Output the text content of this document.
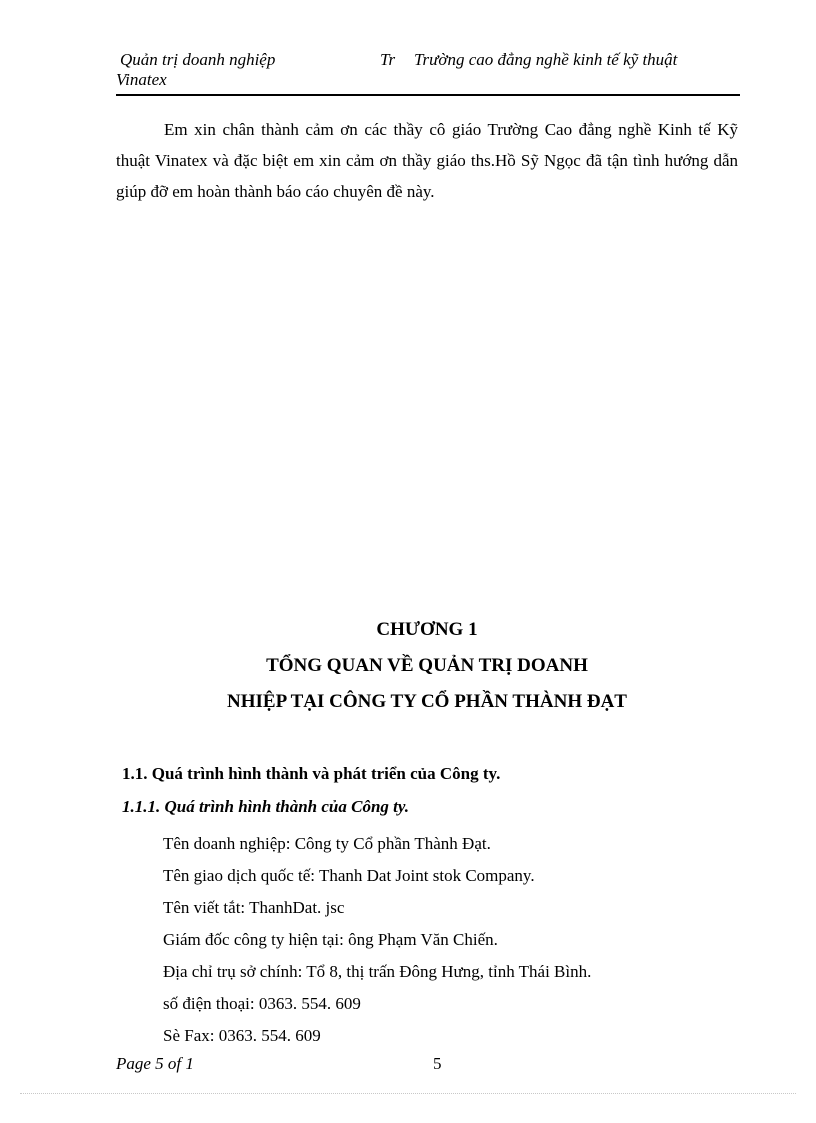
Quản trị doanh nghiệp	Tr Trường cao đẳng nghề kinh tế kỹ thuật
Vinatex
Em xin chân thành cảm ơn các thầy cô giáo Trường Cao đẳng nghề Kinh tế Kỹ thuật Vinatex và đặc biệt em xin cảm ơn thầy giáo ths.Hồ Sỹ Ngọc đã tận tình hướng dẫn giúp đỡ em hoàn thành báo cáo chuyên đề này.
CHƯƠNG 1
TỔNG QUAN VỀ QUẢN TRỊ DOANH
NHIỆP TẠI CÔNG TY CỔ PHẦN THÀNH ĐẠT
1.1. Quá trình hình thành và phát triển của Công ty.
1.1.1. Quá trình hình thành của Công ty.
Tên doanh nghiệp: Công ty Cổ phần Thành Đạt.
Tên giao dịch quốc tế: Thanh Dat Joint stok Company.
Tên viết tắt: ThanhDat. jsc
Giám đốc công ty hiện tại: ông Phạm Văn Chiến.
Địa chỉ trụ sở chính: Tổ 8, thị trấn Đông Hưng, tỉnh Thái Bình.
số điện thoại: 0363. 554. 609
Sè Fax: 0363. 554. 609
Page 5 of 1	5
